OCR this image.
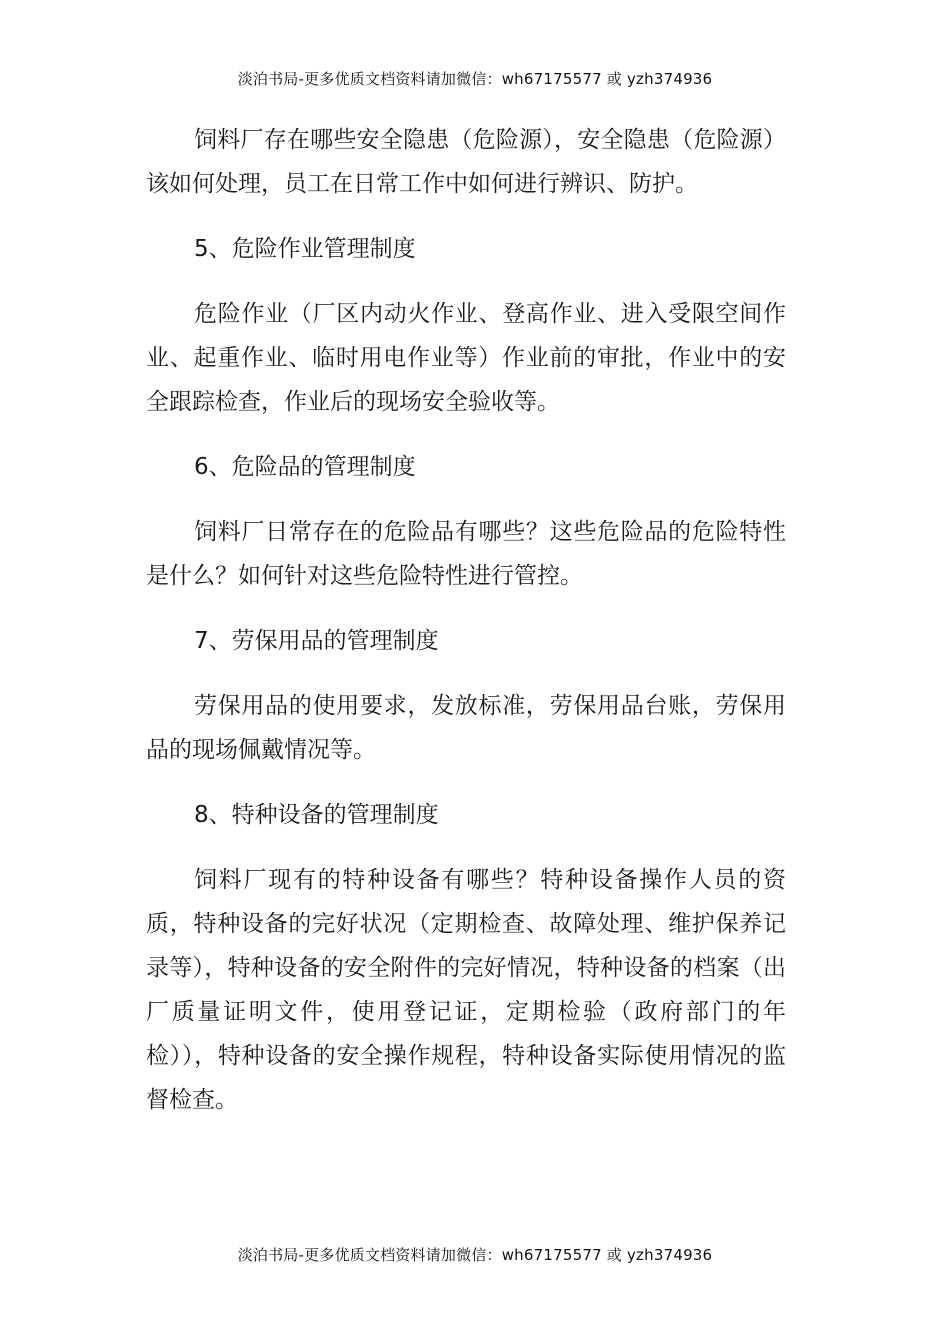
淡泊书局-更多优质文档资料请加微信：wh67175577 或 yzh374936

饲料厂存在哪些安全隐患（危险源），安全隐患（危险源）该如何处理，员工在日常工作中如何进行辨识、防护。

5、危险作业管理制度

危险作业（厂区内动火作业、登高作业、进入受限空间作业、起重作业、临时用电作业等）作业前的审批，作业中的安全跟踪检查，作业后的现场安全验收等。

6、危险品的管理制度

饲料厂日常存在的危险品有哪些？这些危险品的危险特性是什么？如何针对这些危险特性进行管控。

7、劳保用品的管理制度

劳保用品的使用要求，发放标准，劳保用品台账，劳保用品的现场佩戴情况等。

8、特种设备的管理制度

饲料厂现有的特种设备有哪些？特种设备操作人员的资质，特种设备的完好状况（定期检查、故障处理、维护保养记录等），特种设备的安全附件的完好情况，特种设备的档案（出厂质量证明文件，使用登记证，定期检验（政府部门的年检）），特种设备的安全操作规程，特种设备实际使用情况的监督检查。

淡泊书局-更多优质文档资料请加微信：wh67175577 或 yzh374936
